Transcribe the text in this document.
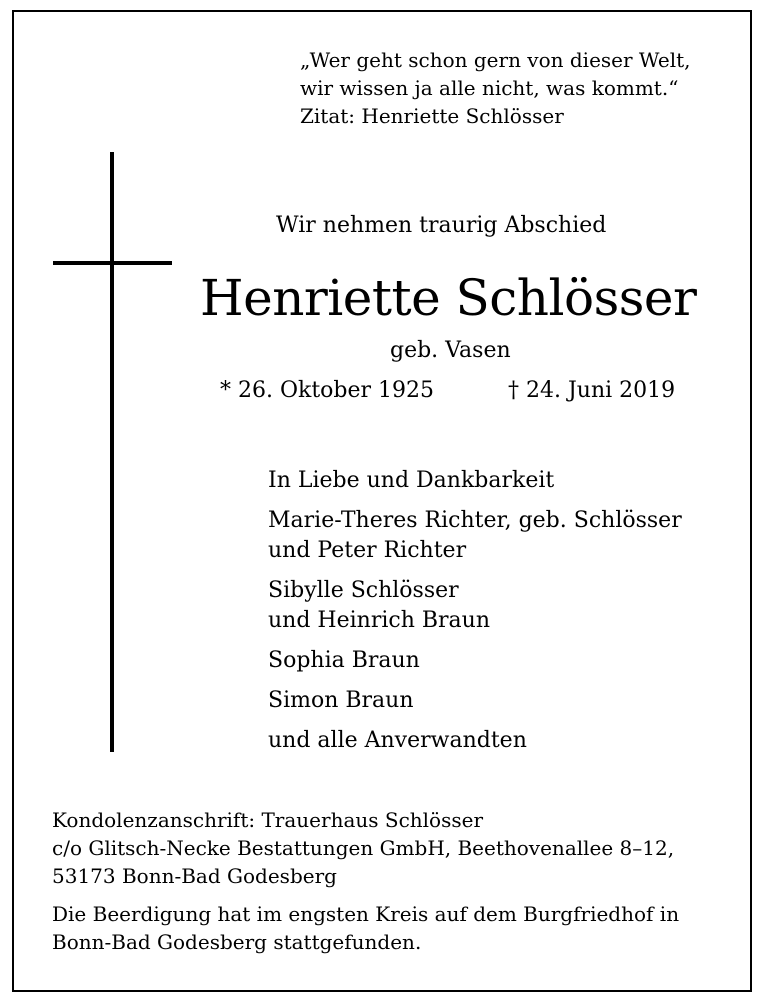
„Wer geht schon gern von dieser Welt,
wir wissen ja alle nicht, was kommt.“
Zitat: Henriette Schlösser
Wir nehmen traurig Abschied
Henriette Schlösser
geb. Vasen
* 26. Oktober 1925	† 24. Juni 2019
In Liebe und Dankbarkeit
Marie-Theres Richter, geb. Schlösser
und Peter Richter
Sibylle Schlösser
und Heinrich Braun
Sophia Braun
Simon Braun
und alle Anverwandten
Kondolenzanschrift: Trauerhaus Schlösser
c/o Glitsch-Necke Bestattungen GmbH, Beethovenallee 8–12,
53173 Bonn-Bad Godesberg
Die Beerdigung hat im engsten Kreis auf dem Burgfriedhof in
Bonn-Bad Godesberg stattgefunden.
